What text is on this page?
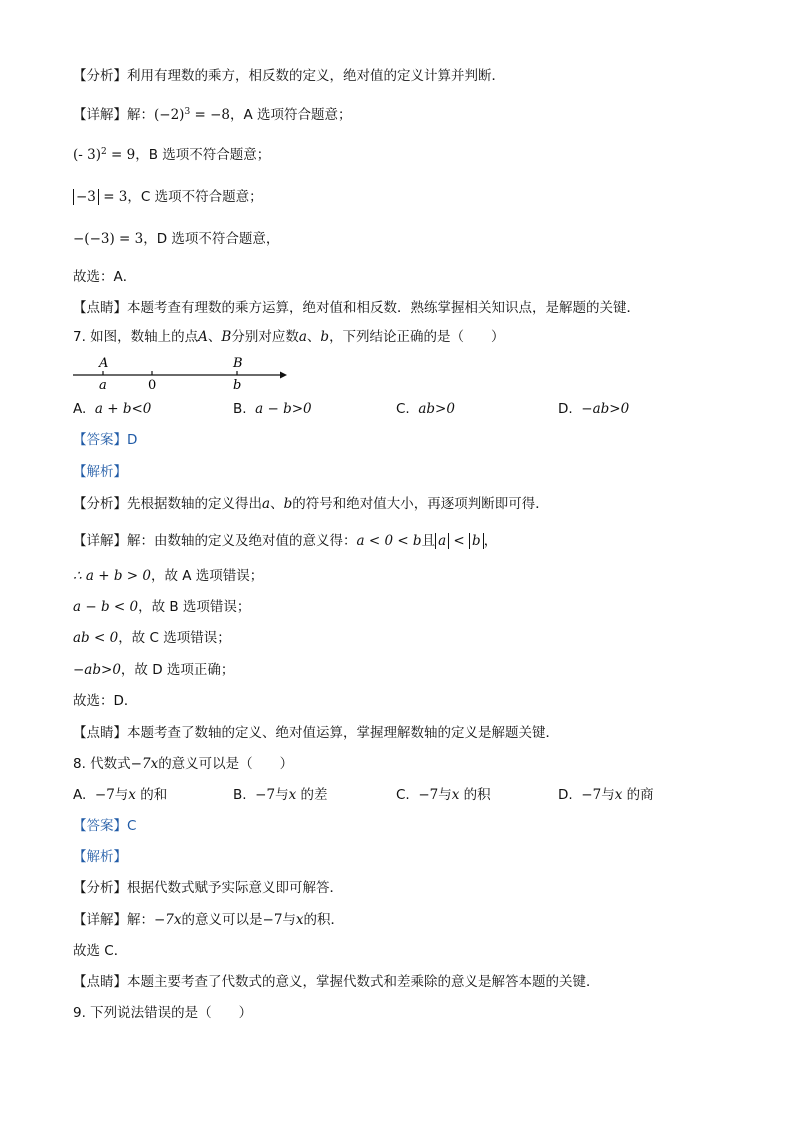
【分析】利用有理数的乘方，相反数的定义，绝对值的定义计算并判断．
【详解】解：$(-2)^3 = -8$，A 选项符合题意；
(- 3)$^2$ = 9，B 选项不符合题意；
−3 = 3，C 选项不符合题意；
−(−3) = 3，D 选项不符合题意，
故选：A．
【点睛】本题考查有理数的乘方运算，绝对值和相反数．熟练掌握相关知识点，是解题的关键．
7. 如图，数轴上的点A、B分别对应数a、b，下列结论正确的是（　　）
A	B
a	0	b
A. a + b<0	B. a − b>0	C. ab>0	D. −ab>0
【答案】D
【解析】
【分析】先根据数轴的定义得出a、b的符号和绝对值大小，再逐项判断即可得．
【详解】解：由数轴的定义及绝对值的意义得：a < 0 < b且 a < b ，
∴ a + b > 0，故 A 选项错误；
a − b < 0，故 B 选项错误；
ab < 0，故 C 选项错误；
−ab>0，故 D 选项正确；
故选：D．
【点睛】本题考查了数轴的定义、绝对值运算，掌握理解数轴的定义是解题关键．
8. 代数式−7x的意义可以是（　　）
A. −7与x 的和	B. −7与x 的差	C. −7与x 的积	D. −7与x 的商
【答案】C
【解析】
【分析】根据代数式赋予实际意义即可解答．
【详解】解：−7x的意义可以是−7与x的积．
故选 C．
【点睛】本题主要考查了代数式的意义，掌握代数式和差乘除的意义是解答本题的关键．
9. 下列说法错误的是（　　）
